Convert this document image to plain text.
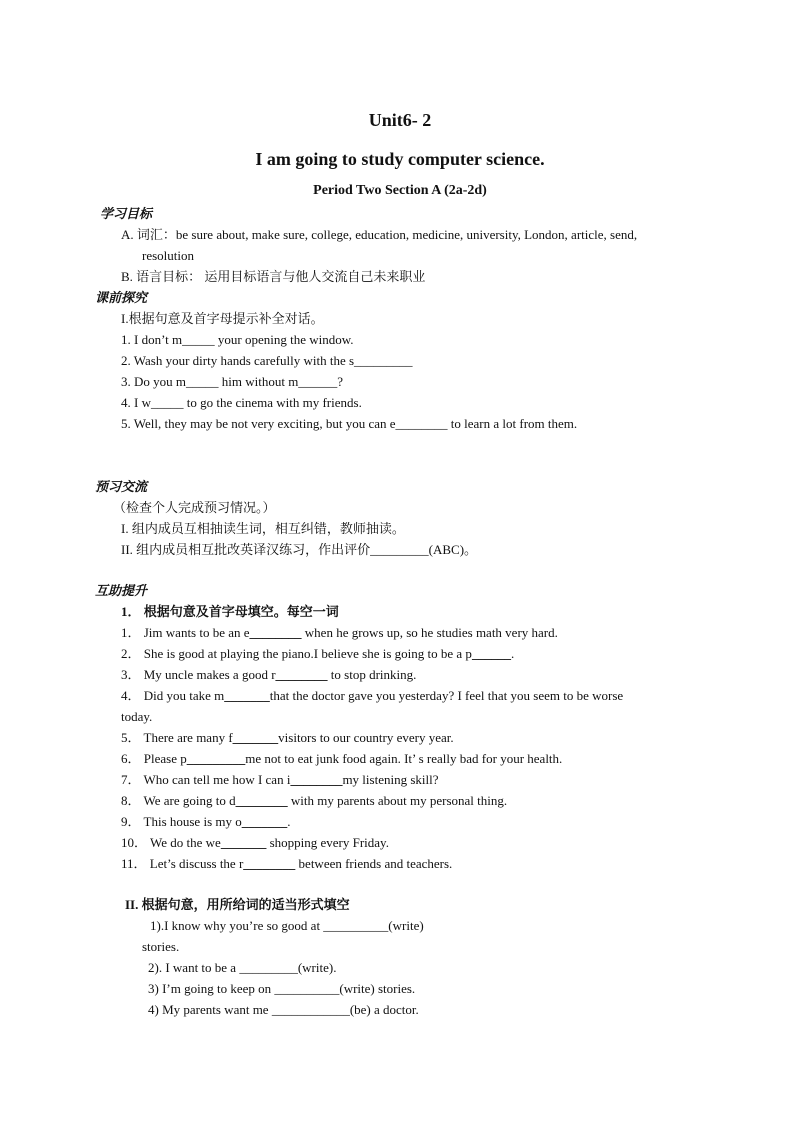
Unit6- 2
I am going to study computer science.
Period Two Section A (2a-2d)
学习目标
A. 词汇：be sure about, make sure, college, education, medicine, university, London, article, send,
resolution
B. 语言目标： 运用目标语言与他人交流自己未来职业
课前探究
I.根据句意及首字母提示补全对话。
1. I don’t m_____ your opening the window.
2. Wash your dirty hands carefully with the s_________
3. Do you m_____ him without m______?
4. I w_____ to go the cinema with my friends.
5. Well, they may be not very exciting, but you can e________ to learn a lot from them.
预习交流
（检查个人完成预习情况。）
I. 组内成员互相抽读生词，相互纠错，教师抽读。
II. 组内成员相互批改英译汉练习，作出评价_________(ABC)。
互助提升
1． 根据句意及首字母填空。每空一词
1． Jim wants to be an e________ when he grows up, so he studies math very hard.
2． She is good at playing the piano.I believe she is going to be a p______.
3． My uncle makes a good r________ to stop drinking.
4． Did you take m_______that the doctor gave you yesterday? I feel that you seem to be worse
today.
5． There are many f_______visitors to our country every year.
6． Please p_________me not to eat junk food again. It’ s really bad for your health.
7． Who can tell me how I can i________my listening skill?
8． We are going to d________ with my parents about my personal thing.
9． This house is my o_______.
10． We do the we_______ shopping every Friday.
11． Let’s discuss the r________ between friends and teachers.
II. 根据句意，用所给词的适当形式填空
1).I know why you’re so good at __________(write)
stories.
2). I want to be a _________(write).
3) I’m going to keep on __________(write) stories.
4) My parents want me ____________(be) a doctor.
